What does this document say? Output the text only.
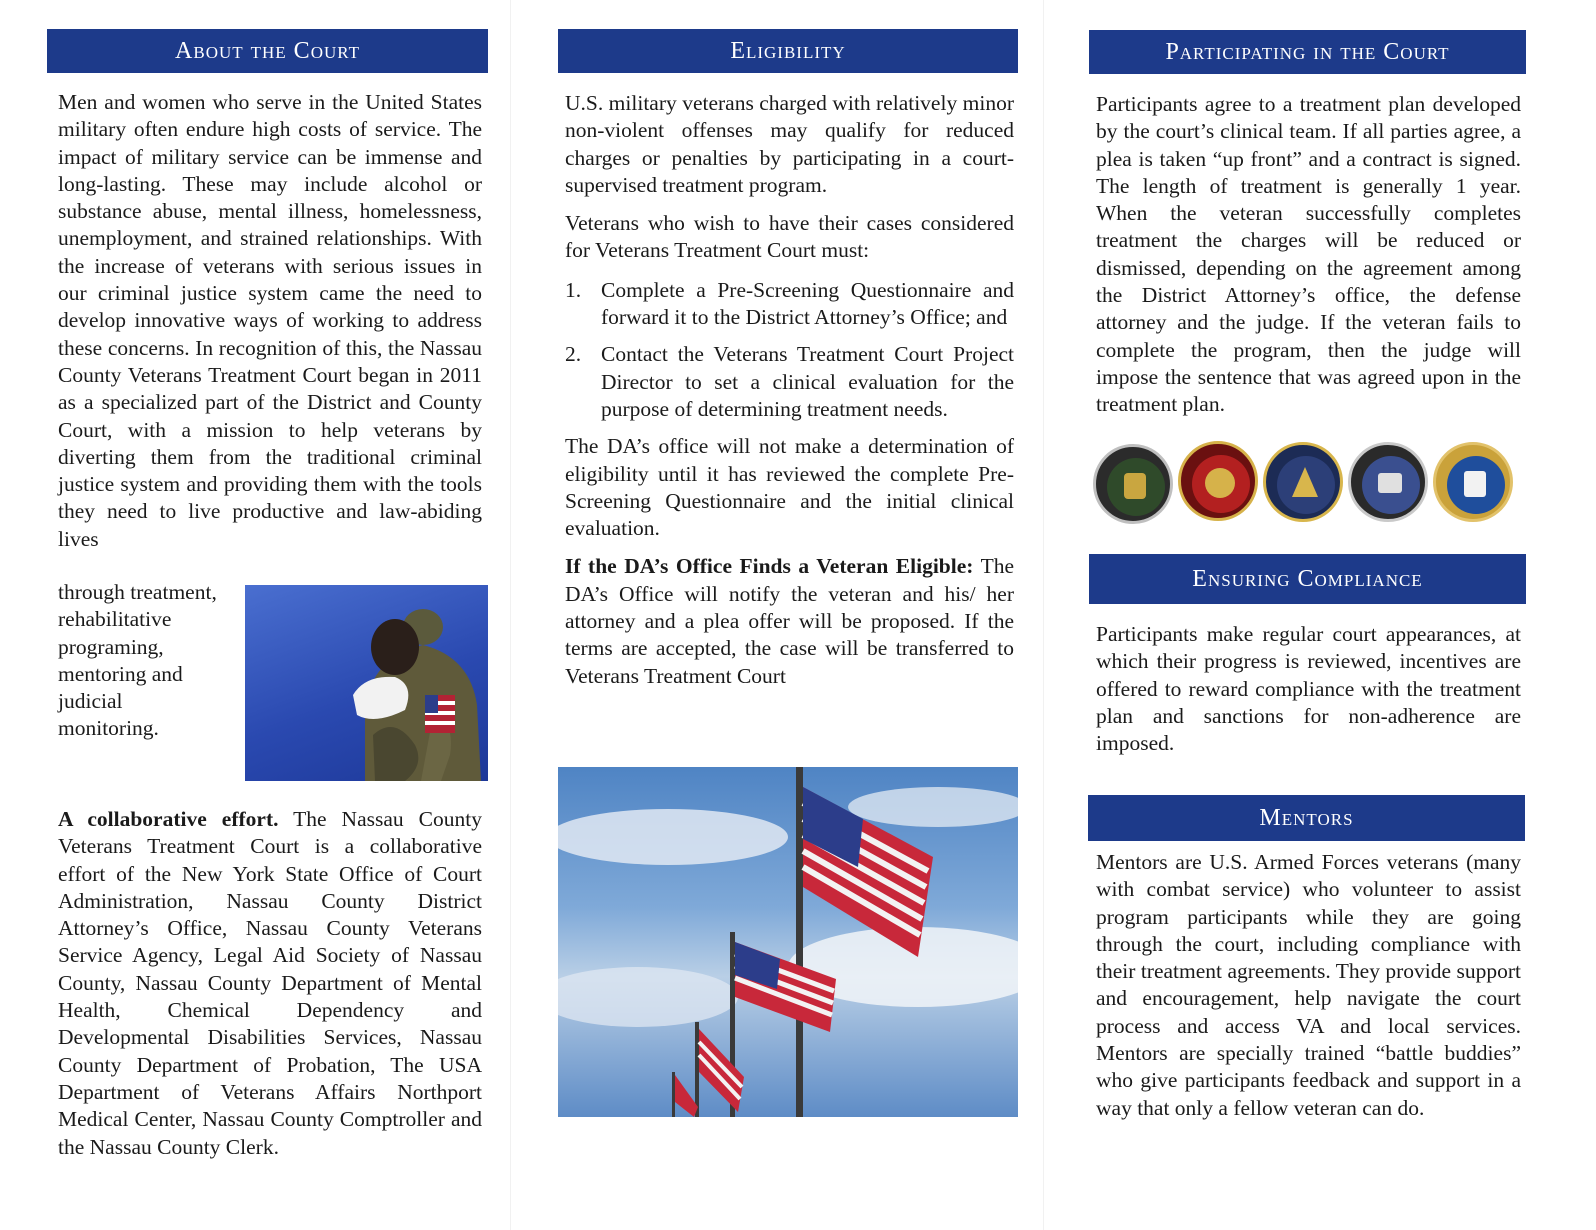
About the Court

Men and women who serve in the United States military often endure high costs of service. The impact of military service can be immense and long-lasting. These may include alcohol or substance abuse, mental illness, homelessness, unemployment, and strained relationships. With the increase of veterans with serious issues in our criminal justice system came the need to develop innovative ways of working to address these concerns. In recognition of this, the Nassau County Veterans Treatment Court began in 2011 as a specialized part of the District and County Court, with a mission to help veterans by diverting them from the traditional criminal justice system and providing them with the tools they need to live productive and law-abiding lives

through treatment, rehabilitative programing, mentoring and judicial monitoring.

A collaborative effort. The Nassau County Veterans Treatment Court is a collaborative effort of the New York State Office of Court Administration, Nassau County District Attorney’s Office, Nassau County Veterans Service Agency, Legal Aid Society of Nassau County, Nassau County Department of Mental Health, Chemical Dependency and Developmental Disabilities Services, Nassau County Department of Probation, The USA Department of Veterans Affairs Northport Medical Center, Nassau County Comptroller and the Nassau County Clerk.

Eligibility

U.S. military veterans charged with relatively minor non-violent offenses may qualify for reduced charges or penalties by participating in a court-supervised treatment program.

Veterans who wish to have their cases considered for Veterans Treatment Court must:

1. Complete a Pre-Screening Questionnaire and forward it to the District Attorney’s Office; and
2. Contact the Veterans Treatment Court Project Director to set a clinical evaluation for the purpose of determining treatment needs.

The DA’s office will not make a determination of eligibility until it has reviewed the complete Pre-Screening Questionnaire and the initial clinical evaluation.

If the DA’s Office Finds a Veteran Eligible: The DA’s Office will notify the veteran and his/ her attorney and a plea offer will be proposed. If the terms are accepted, the case will be transferred to Veterans Treatment Court

Participating in the Court

Participants agree to a treatment plan developed by the court’s clinical team. If all parties agree, a plea is taken “up front” and a contract is signed. The length of treatment is generally 1 year. When the veteran successfully completes treatment the charges will be reduced or dismissed, depending on the agreement among the District Attorney’s office, the defense attorney and the judge. If the veteran fails to complete the program, then the judge will impose the sentence that was agreed upon in the treatment plan.

Ensuring Compliance

Participants make regular court appearances, at which their progress is reviewed, incentives are offered to reward compliance with the treatment plan and sanctions for non-adherence are imposed.

Mentors

Mentors are U.S. Armed Forces veterans (many with combat service) who volunteer to assist program participants while they are going through the court, including compliance with their treatment agreements. They provide support and encouragement, help navigate the court process and access VA and local services. Mentors are specially trained “battle buddies” who give participants feedback and support in a way that only a fellow veteran can do.
